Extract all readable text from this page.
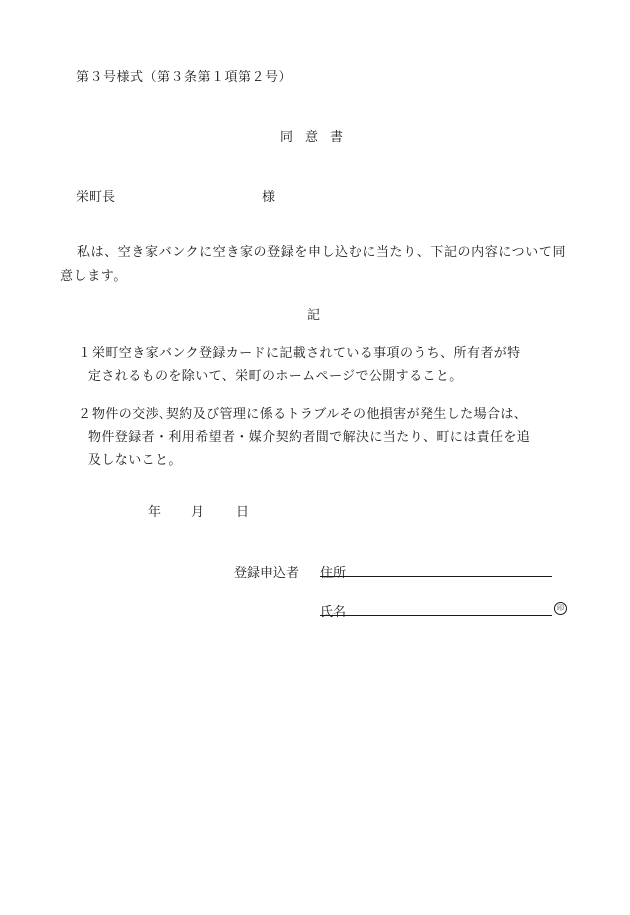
第３号様式（第３条第１項第２号）
同意書
栄町長	様
私は、空き家バンクに空き家の登録を申し込むに当たり、下記の内容について同意します。
記
１ 栄町空き家バンク登録カードに記載されている事項のうち、所有者が特
定されるものを除いて、栄町のホームページで公開すること。
２ 物件の交渉､契約及び管理に係るトラブルその他損害が発生した場合は、
物件登録者・利用希望者・媒介契約者間で解決に当たり、町には責任を追
及しないこと。
年 月 日
登録申込者 住所
氏名	印
